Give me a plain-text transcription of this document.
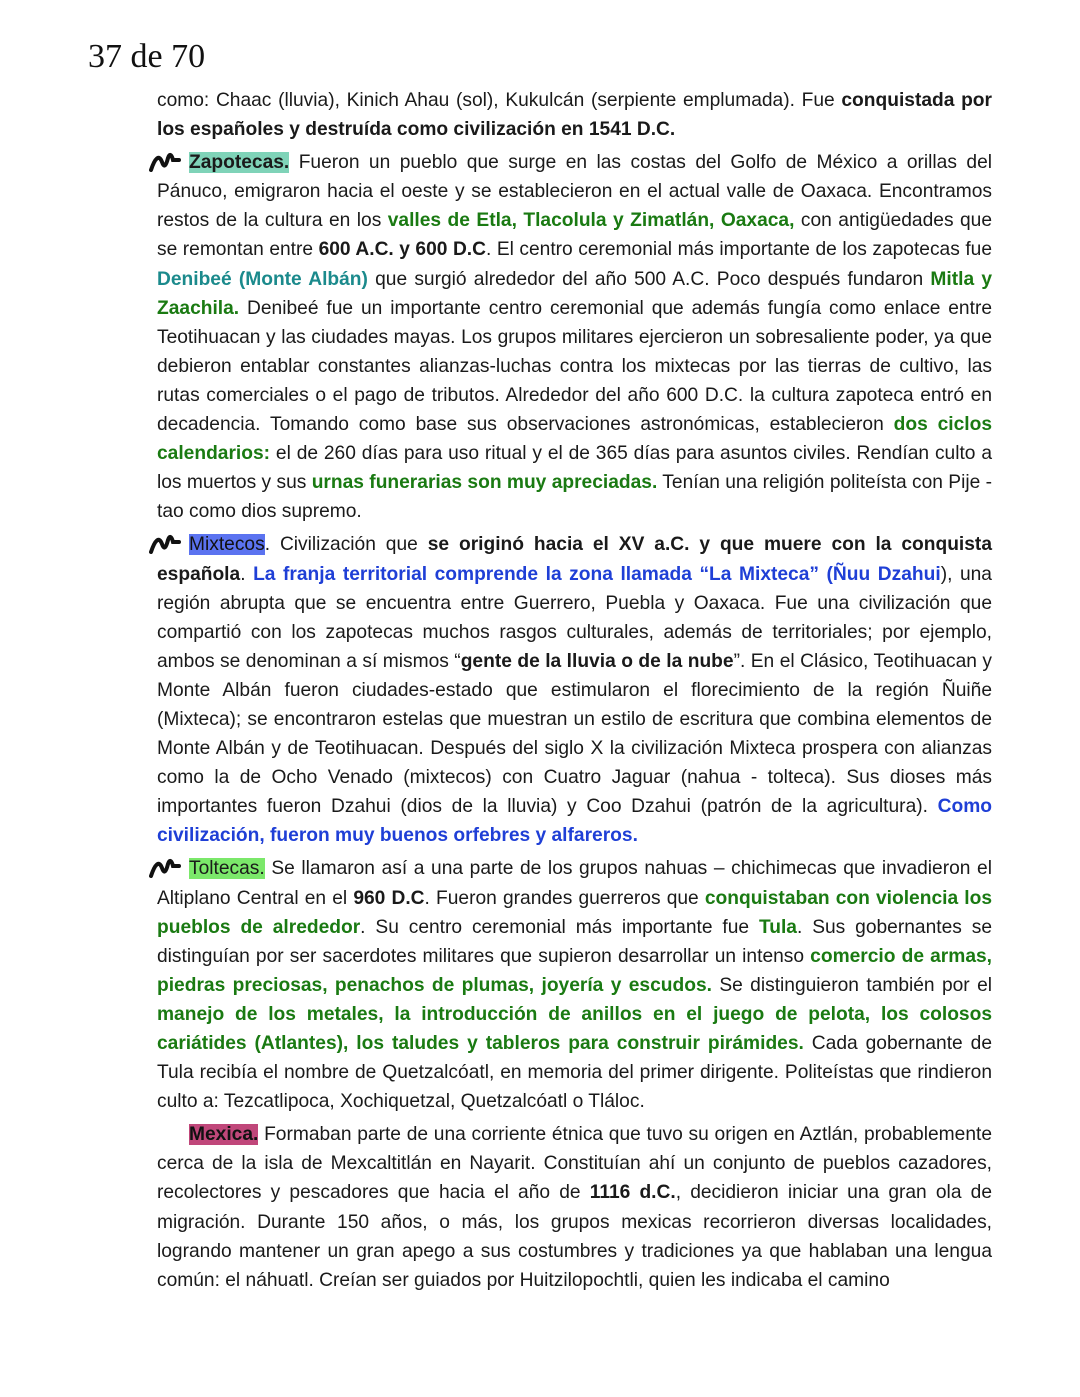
37 de 70

como: Chaac (lluvia), Kinich Ahau (sol), Kukulcán (serpiente emplumada). Fue conquistada por los españoles y destruída como civilización en 1541 D.C.

Zapotecas. Fueron un pueblo que surge en las costas del Golfo de México a orillas del Pánuco, emigraron hacia el oeste y se establecieron en el actual valle de Oaxaca. Encontramos restos de la cultura en los valles de Etla, Tlacolula y Zimatlán, Oaxaca, con antigüedades que se remontan entre 600 A.C. y 600 D.C. El centro ceremonial más importante de los zapotecas fue Denibeé (Monte Albán) que surgió alrededor del año 500 A.C. Poco después fundaron Mitla y Zaachila. Denibeé fue un importante centro ceremonial que además fungía como enlace entre Teotihuacan y las ciudades mayas. Los grupos militares ejercieron un sobresaliente poder, ya que debieron entablar constantes alianzas-luchas contra los mixtecas por las tierras de cultivo, las rutas comerciales o el pago de tributos. Alrededor del año 600 D.C. la cultura zapoteca entró en decadencia. Tomando como base sus observaciones astronómicas, establecieron dos ciclos calendarios: el de 260 días para uso ritual y el de 365 días para asuntos civiles. Rendían culto a los muertos y sus urnas funerarias son muy apreciadas. Tenían una religión politeísta con Pije - tao como dios supremo.

Mixtecos. Civilización que se originó hacia el XV a.C. y que muere con la conquista española. La franja territorial comprende la zona llamada “La Mixteca” (Ñuu Dzahui), una región abrupta que se encuentra entre Guerrero, Puebla y Oaxaca. Fue una civilización que compartió con los zapotecas muchos rasgos culturales, además de territoriales; por ejemplo, ambos se denominan a sí mismos “gente de la lluvia o de la nube”. En el Clásico, Teotihuacan y Monte Albán fueron ciudades-estado que estimularon el florecimiento de la región Ñuiñe (Mixteca); se encontraron estelas que muestran un estilo de escritura que combina elementos de Monte Albán y de Teotihuacan. Después del siglo X la civilización Mixteca prospera con alianzas como la de Ocho Venado (mixtecos) con Cuatro Jaguar (nahua - tolteca). Sus dioses más importantes fueron Dzahui (dios de la lluvia) y Coo Dzahui (patrón de la agricultura). Como civilización, fueron muy buenos orfebres y alfareros.

Toltecas. Se llamaron así a una parte de los grupos nahuas – chichimecas que invadieron el Altiplano Central en el 960 D.C. Fueron grandes guerreros que conquistaban con violencia los pueblos de alrededor. Su centro ceremonial más importante fue Tula. Sus gobernantes se distinguían por ser sacerdotes militares que supieron desarrollar un intenso comercio de armas, piedras preciosas, penachos de plumas, joyería y escudos. Se distinguieron también por el manejo de los metales, la introducción de anillos en el juego de pelota, los colosos cariátides (Atlantes), los taludes y tableros para construir pirámides. Cada gobernante de Tula recibía el nombre de Quetzalcóatl, en memoria del primer dirigente. Politeístas que rindieron culto a: Tezcatlipoca, Xochiquetzal, Quetzalcóatl o Tláloc.

Mexica. Formaban parte de una corriente étnica que tuvo su origen en Aztlán, probablemente cerca de la isla de Mexcaltitlán en Nayarit. Constituían ahí un conjunto de pueblos cazadores, recolectores y pescadores que hacia el año de 1116 d.C., decidieron iniciar una gran ola de migración. Durante 150 años, o más, los grupos mexicas recorrieron diversas localidades, logrando mantener un gran apego a sus costumbres y tradiciones ya que hablaban una lengua común: el náhuatl. Creían ser guiados por Huitzilopochtli, quien les indicaba el camino
